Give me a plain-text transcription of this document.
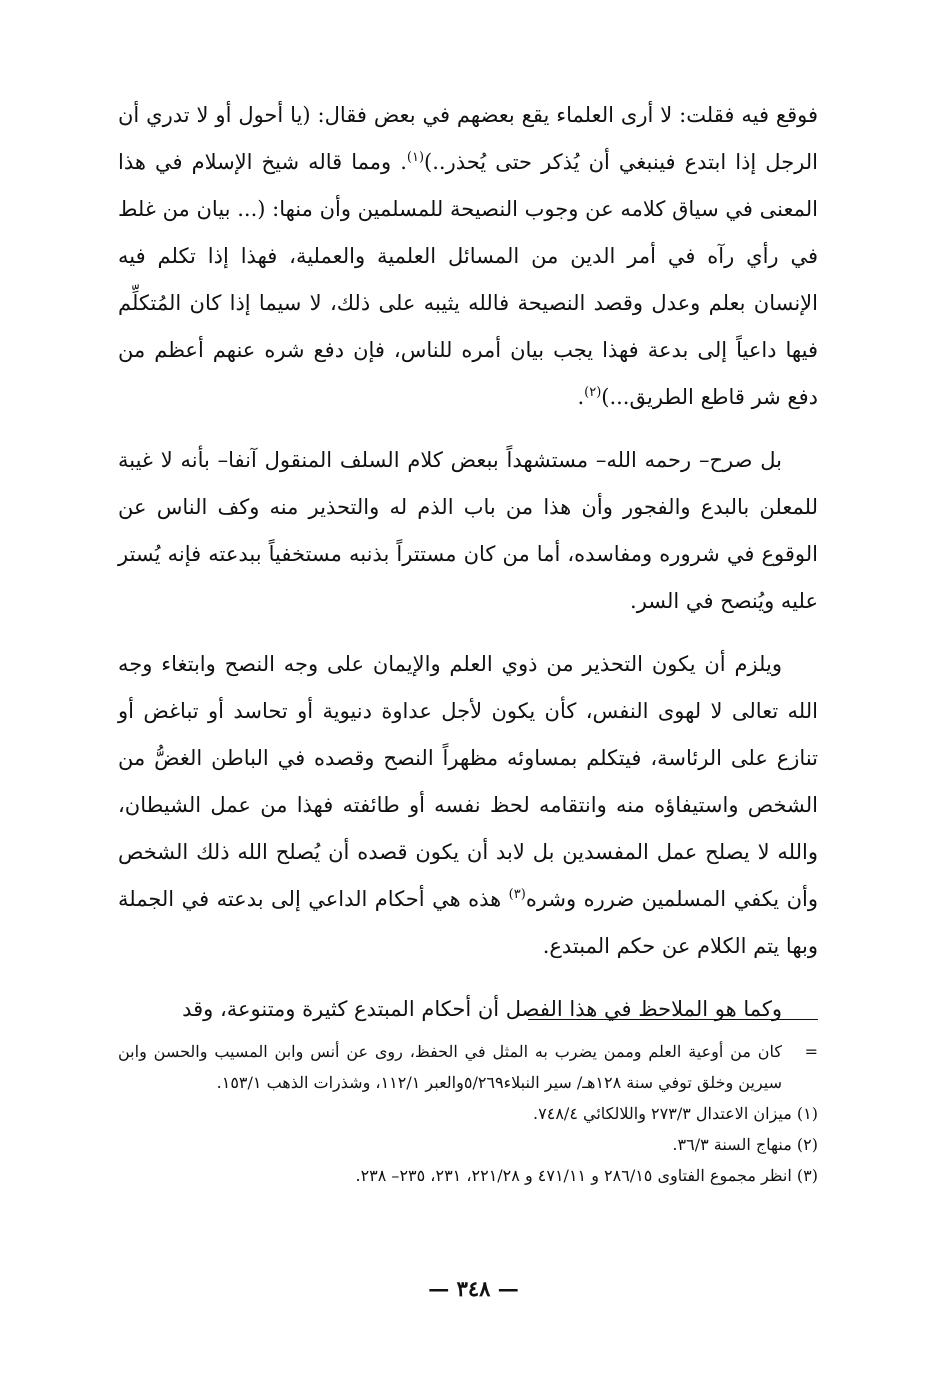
فوقع فيه فقلت: لا أرى العلماء يقع بعضهم في بعض فقال: (يا أحول أو لا تدري أن الرجل إذا ابتدع فينبغي أن يُذكر حتى يُحذر..)$^{(١)}$. ومما قاله شيخ الإسلام في هذا المعنى في سياق كلامه عن وجوب النصيحة للمسلمين وأن منها: (... بيان من غلط في رأي رآه في أمر الدين من المسائل العلمية والعملية، فهذا إذا تكلم فيه الإنسان بعلم وعدل وقصد النصيحة فالله يثيبه على ذلك، لا سيما إذا كان المُتكلِّم فيها داعياً إلى بدعة فهذا يجب بيان أمره للناس، فإن دفع شره عنهم أعظم من دفع شر قاطع الطريق...)$^{(٢)}$.

بل صرح– رحمه الله– مستشهداً ببعض كلام السلف المنقول آنفا– بأنه لا غيبة للمعلن بالبدع والفجور وأن هذا من باب الذم له والتحذير منه وكف الناس عن الوقوع في شروره ومفاسده، أما من كان مستتراً بذنبه مستخفياً ببدعته فإنه يُستر عليه ويُنصح في السر.

ويلزم أن يكون التحذير من ذوي العلم والإيمان على وجه النصح وابتغاء وجه الله تعالى لا لهوى النفس، كأن يكون لأجل عداوة دنيوية أو تحاسد أو تباغض أو تنازع على الرئاسة، فيتكلم بمساوئه مظهراً النصح وقصده في الباطن الغضُّ من الشخص واستيفاؤه منه وانتقامه لحظ نفسه أو طائفته فهذا من عمل الشيطان، والله لا يصلح عمل المفسدين بل لابد أن يكون قصده أن يُصلح الله ذلك الشخص وأن يكفي المسلمين ضرره وشره$^{(٣)}$ هذه هي أحكام الداعي إلى بدعته في الجملة وبها يتم الكلام عن حكم المبتدع.

وكما هو الملاحظ في هذا الفصل أن أحكام المبتدع كثيرة ومتنوعة، وقد

=
كان من أوعية العلم وممن يضرب به المثل في الحفظ، روى عن أنس وابن المسيب والحسن وابن سيرين وخلق توفي سنة ١٢٨هـ/ سير النبلاء٥/٢٦٩والعبر ١١٢/١، وشذرات الذهب ١٥٣/١.

(١) ميزان الاعتدال ٢٧٣/٣ واللالكائي ٧٤٨/٤.

(٢) منهاج السنة ٣٦/٣.

(٣) انظر مجموع الفتاوى ٢٨٦/١٥ و ٤٧١/١١ و ٢٢١/٢٨، ٢٣١، ٢٣٥– ٢٣٨.

— ٣٤٨ —
